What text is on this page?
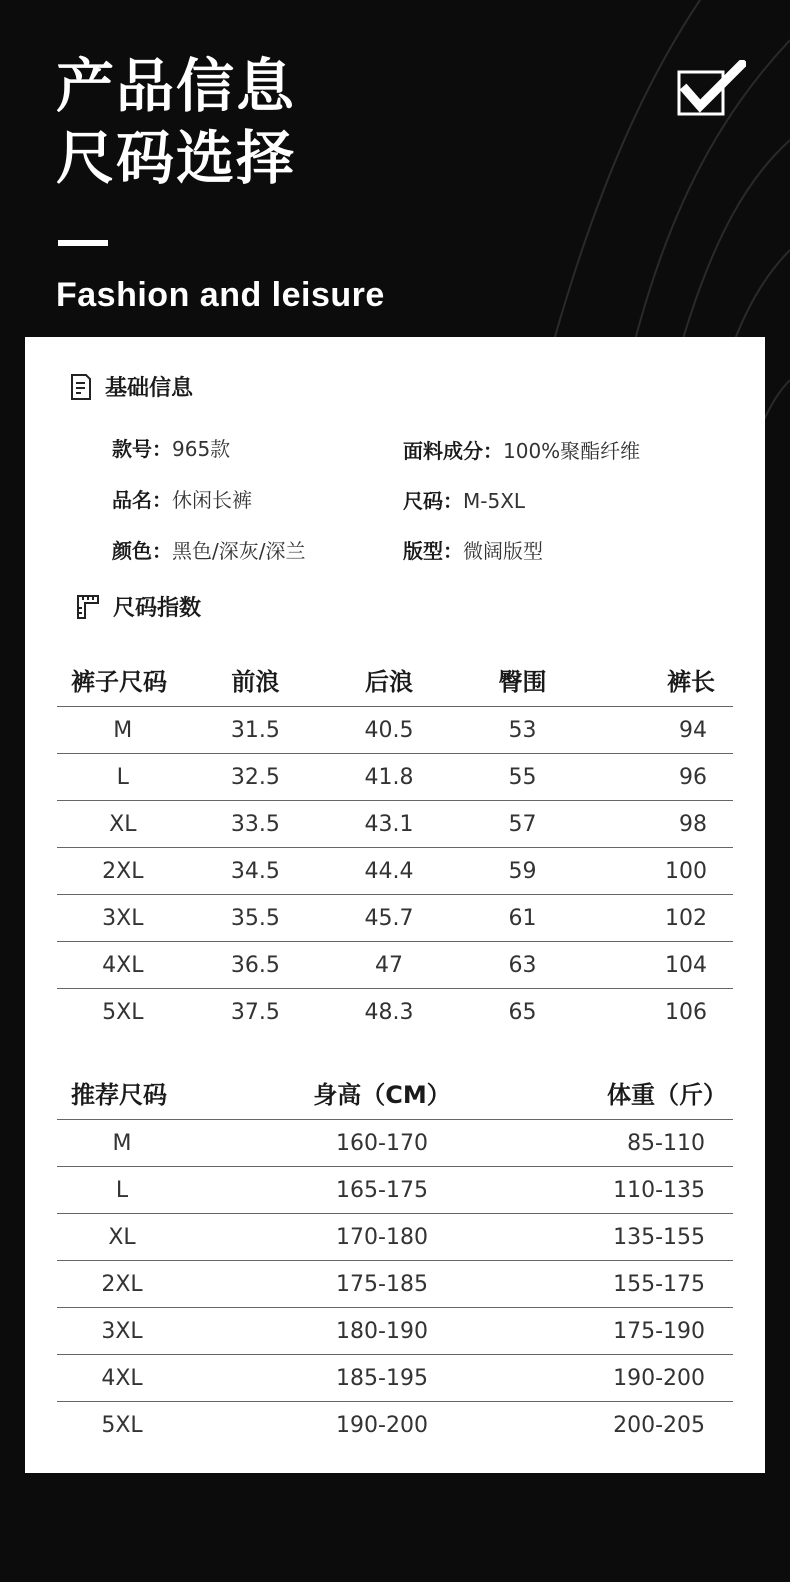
产品信息
尺码选择
Fashion and leisure
基础信息
款号：965款	面料成分：100%聚酯纤维
品名：休闲长裤	尺码：M-5XL
颜色：黑色/深灰/深兰	版型：微阔版型
尺码指数
裤子尺码	前浪	后浪	臀围	裤长
M	31.5	40.5	53	94
L	32.5	41.8	55	96
XL	33.5	43.1	57	98
2XL	34.5	44.4	59	100
3XL	35.5	45.7	61	102
4XL	36.5	47	63	104
5XL	37.5	48.3	65	106
推荐尺码	身高（CM）	体重（斤）
M	160-170	85-110
L	165-175	110-135
XL	170-180	135-155
2XL	175-185	155-175
3XL	180-190	175-190
4XL	185-195	190-200
5XL	190-200	200-205
